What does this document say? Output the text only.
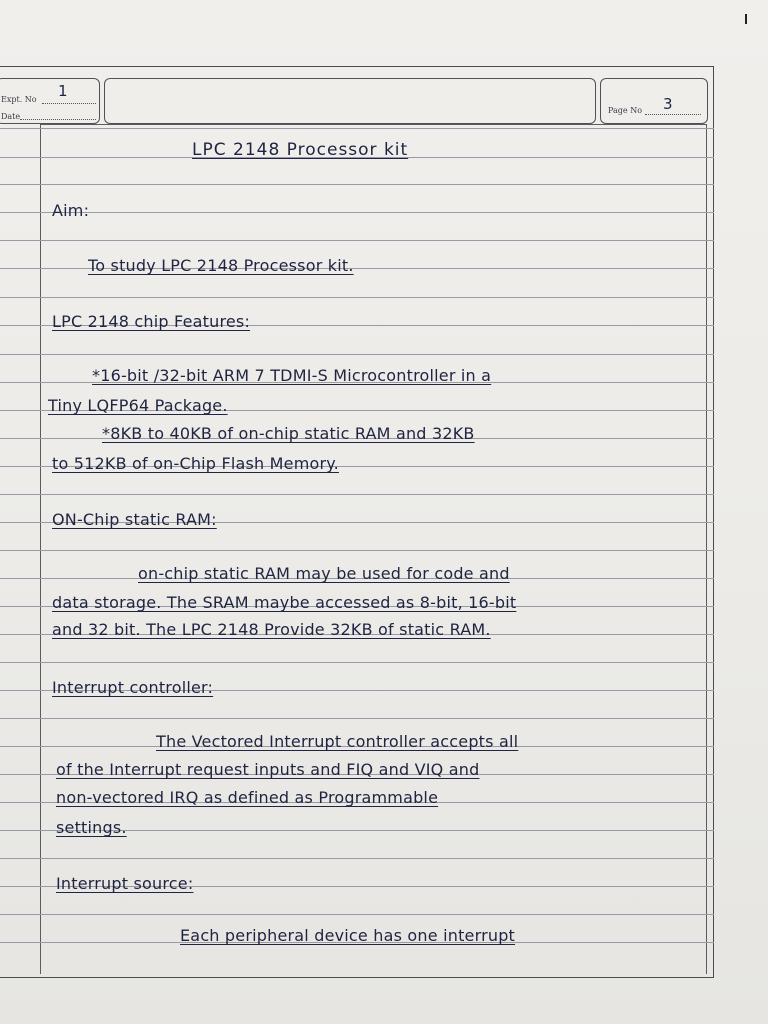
Expt. No 1
Date
Page No 3
LPC 2148 Processor kit
Aim:
To study LPC 2148 Processor kit.
LPC 2148 chip Features:
*16-bit /32-bit ARM 7 TDMI-S Microcontroller in a
Tiny LQFP64 Package.
*8KB to 40KB of on-chip static RAM and 32KB
to 512KB of on-Chip Flash Memory.
ON-Chip static RAM:
on-chip static RAM may be used for code and
data storage. The SRAM maybe accessed as 8-bit, 16-bit
and 32 bit. The LPC 2148 Provide 32KB of static RAM.
Interrupt controller:
The Vectored Interrupt controller accepts all
of the Interrupt request inputs and FIQ and VIQ and
non-vectored IRQ as defined as Programmable
settings.
Interrupt source:
Each peripheral device has one interrupt
